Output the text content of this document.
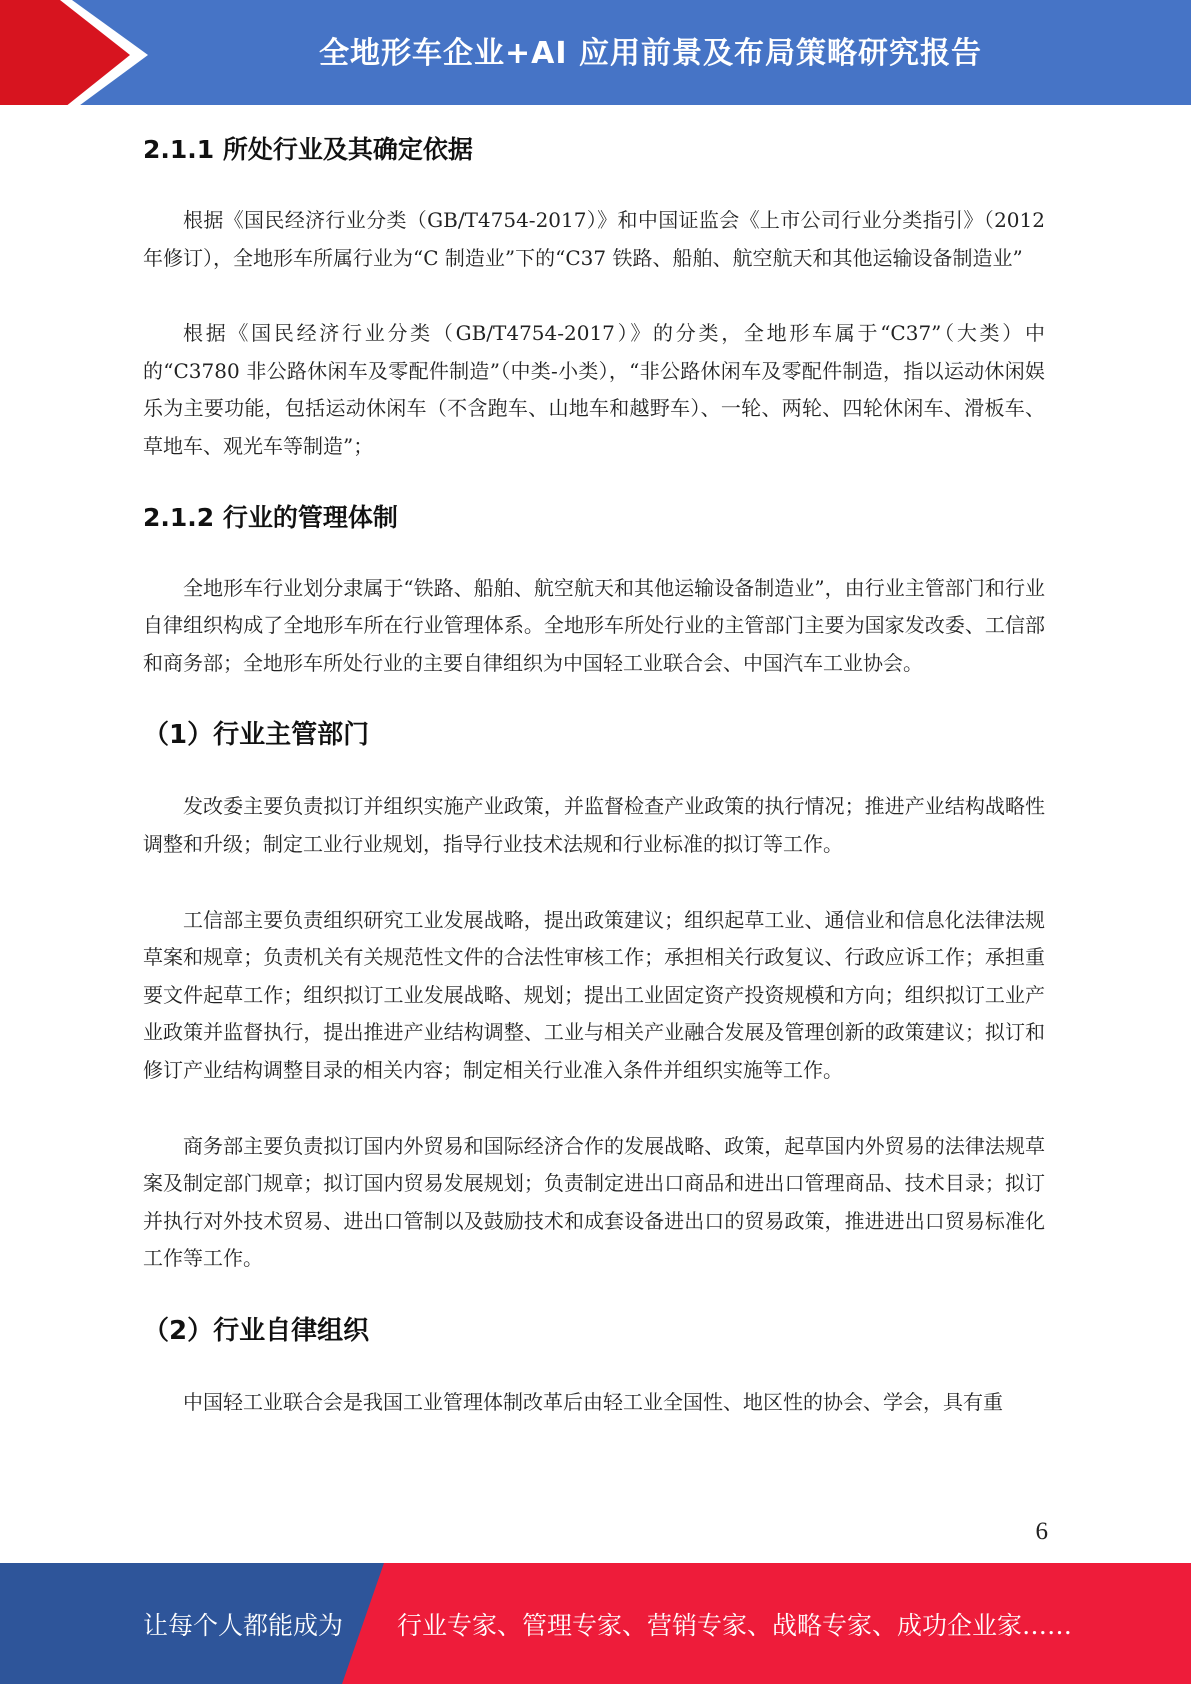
全地形车企业+AI 应用前景及布局策略研究报告
2.1.1 所处行业及其确定依据

根据《国民经济行业分类（GB/T4754-2017）》和中国证监会《上市公司行业分类指引》（2012 年修订），全地形车所属行业为“C 制造业”下的“C37 铁路、船舶、航空航天和其他运输设备制造业”

根据《国民经济行业分类（GB/T4754-2017）》的分类，全地形车属于“C37”（大类）中的“C3780 非公路休闲车及零配件制造”（中类-小类），“非公路休闲车及零配件制造，指以运动休闲娱乐为主要功能，包括运动休闲车（不含跑车、山地车和越野车）、一轮、两轮、四轮休闲车、滑板车、草地车、观光车等制造”；

2.1.2 行业的管理体制

全地形车行业划分隶属于“铁路、船舶、航空航天和其他运输设备制造业”，由行业主管部门和行业自律组织构成了全地形车所在行业管理体系。全地形车所处行业的主管部门主要为国家发改委、工信部和商务部；全地形车所处行业的主要自律组织为中国轻工业联合会、中国汽车工业协会。

（1）行业主管部门

发改委主要负责拟订并组织实施产业政策，并监督检查产业政策的执行情况；推进产业结构战略性调整和升级；制定工业行业规划，指导行业技术法规和行业标准的拟订等工作。

工信部主要负责组织研究工业发展战略，提出政策建议；组织起草工业、通信业和信息化法律法规草案和规章；负责机关有关规范性文件的合法性审核工作；承担相关行政复议、行政应诉工作；承担重要文件起草工作；组织拟订工业发展战略、规划；提出工业固定资产投资规模和方向；组织拟订工业产业政策并监督执行，提出推进产业结构调整、工业与相关产业融合发展及管理创新的政策建议；拟订和修订产业结构调整目录的相关内容；制定相关行业准入条件并组织实施等工作。

商务部主要负责拟订国内外贸易和国际经济合作的发展战略、政策，起草国内外贸易的法律法规草案及制定部门规章；拟订国内贸易发展规划；负责制定进出口商品和进出口管理商品、技术目录；拟订并执行对外技术贸易、进出口管制以及鼓励技术和成套设备进出口的贸易政策，推进进出口贸易标准化工作等工作。

（2）行业自律组织

中国轻工业联合会是我国工业管理体制改革后由轻工业全国性、地区性的协会、学会，具有重

6
让每个人都能成为 行业专家、管理专家、营销专家、战略专家、成功企业家……
